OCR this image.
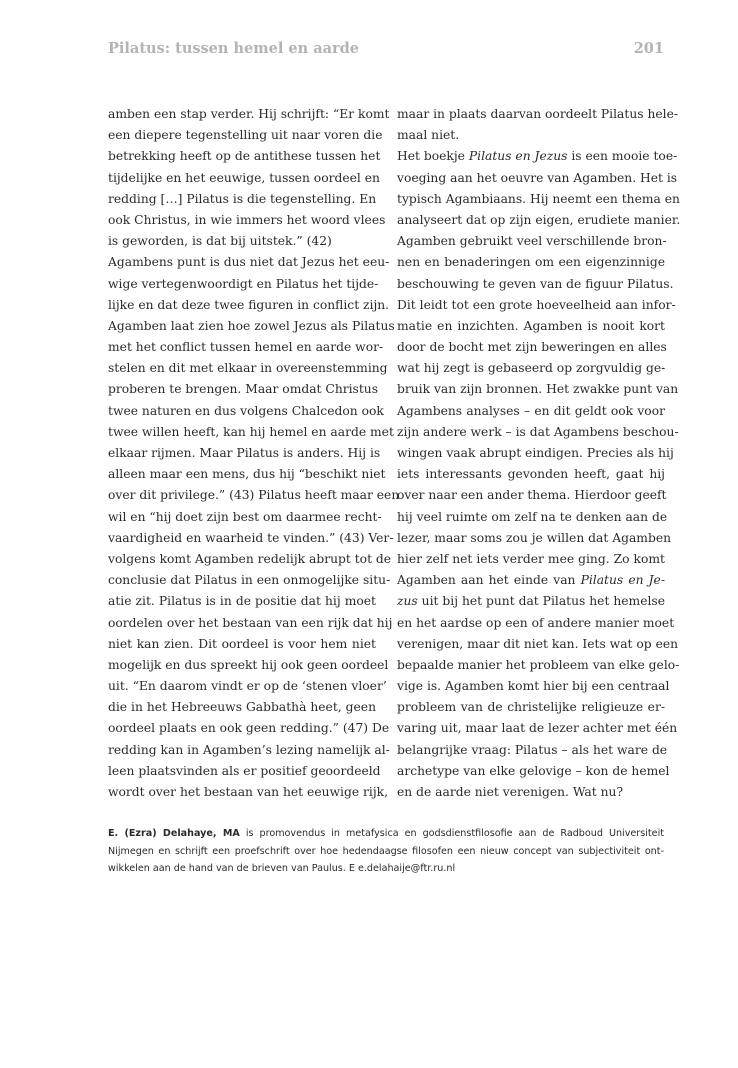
Pilatus: tussen hemel en aarde	201
amben een stap verder. Hij schrijft: “Er komt
een diepere tegenstelling uit naar voren die
betrekking heeft op de antithese tussen het
tijdelijke en het eeuwige, tussen oordeel en
redding […] Pilatus is die tegenstelling. En
ook Christus, in wie immers het woord vlees
is geworden, is dat bij uitstek.” (42)
Agambens punt is dus niet dat Jezus het eeu-
wige vertegenwoordigt en Pilatus het tijde-
lijke en dat deze twee figuren in conflict zijn.
Agamben laat zien hoe zowel Jezus als Pilatus
met het conflict tussen hemel en aarde wor-
stelen en dit met elkaar in overeenstemming
proberen te brengen. Maar omdat Christus
twee naturen en dus volgens Chalcedon ook
twee willen heeft, kan hij hemel en aarde met
elkaar rijmen. Maar Pilatus is anders. Hij is
alleen maar een mens, dus hij “beschikt niet
over dit privilege.” (43) Pilatus heeft maar een
wil en “hij doet zijn best om daarmee recht-
vaardigheid en waarheid te vinden.” (43) Ver-
volgens komt Agamben redelijk abrupt tot de
conclusie dat Pilatus in een onmogelijke situ-
atie zit. Pilatus is in de positie dat hij moet
oordelen over het bestaan van een rijk dat hij
niet kan zien. Dit oordeel is voor hem niet
mogelijk en dus spreekt hij ook geen oordeel
uit. “En daarom vindt er op de ‘stenen vloer’
die in het Hebreeuws Gabbathà heet, geen
oordeel plaats en ook geen redding.” (47) De
redding kan in Agamben’s lezing namelijk al-
leen plaatsvinden als er positief geoordeeld
wordt over het bestaan van het eeuwige rijk,
maar in plaats daarvan oordeelt Pilatus hele-
maal niet.
Het boekje Pilatus en Jezus is een mooie toe-
voeging aan het oeuvre van Agamben. Het is
typisch Agambiaans. Hij neemt een thema en
analyseert dat op zijn eigen, erudiete manier.
Agamben gebruikt veel verschillende bron-
nen en benaderingen om een eigenzinnige
beschouwing te geven van de figuur Pilatus.
Dit leidt tot een grote hoeveelheid aan infor-
matie en inzichten. Agamben is nooit kort
door de bocht met zijn beweringen en alles
wat hij zegt is gebaseerd op zorgvuldig ge-
bruik van zijn bronnen. Het zwakke punt van
Agambens analyses – en dit geldt ook voor
zijn andere werk – is dat Agambens beschou-
wingen vaak abrupt eindigen. Precies als hij
iets interessants gevonden heeft, gaat hij
over naar een ander thema. Hierdoor geeft
hij veel ruimte om zelf na te denken aan de
lezer, maar soms zou je willen dat Agamben
hier zelf net iets verder mee ging. Zo komt
Agamben aan het einde van Pilatus en Je-
zus uit bij het punt dat Pilatus het hemelse
en het aardse op een of andere manier moet
verenigen, maar dit niet kan. Iets wat op een
bepaalde manier het probleem van elke gelo-
vige is. Agamben komt hier bij een centraal
probleem van de christelijke religieuze er-
varing uit, maar laat de lezer achter met één
belangrijke vraag: Pilatus – als het ware de
archetype van elke gelovige – kon de hemel
en de aarde niet verenigen. Wat nu?
E. (Ezra) Delahaye, MA is promovendus in metafysica en godsdienstfilosofie aan de Radboud Universiteit
Nijmegen en schrijft een proefschrift over hoe hedendaagse filosofen een nieuw concept van subjectiviteit ont-
wikkelen aan de hand van de brieven van Paulus. E e.delahaije@ftr.ru.nl
